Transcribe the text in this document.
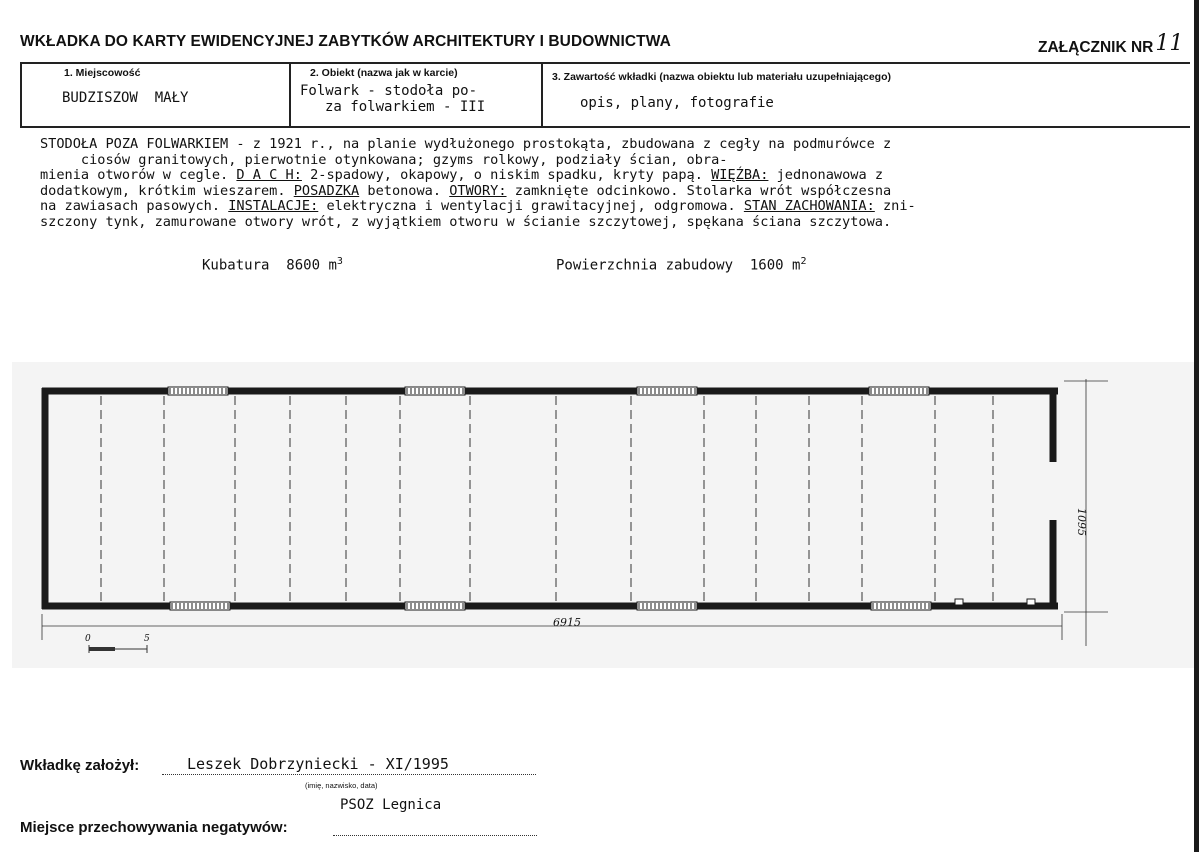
WKŁADKA DO KARTY EWIDENCYJNEJ ZABYTKÓW ARCHITEKTURY I BUDOWNICTWA	ZAŁĄCZNIK NR11
1. Miejscowość
BUDZISZOW  MAŁY
2. Obiekt (nazwa jak w karcie)
Folwark - stodoła po-
za folwarkiem - III
3. Zawartość wkładki (nazwa obiektu lub materiału uzupełniającego)
opis, plany, fotografie
STODOŁA POZA FOLWARKIEM - z 1921 r., na planie wydłużonego prostokąta, zbudowana z cegły na podmurówce z
ciosów granitowych, pierwotnie otynkowana; gzyms rolkowy, podziały ścian, obra-
mienia otworów w cegle. D A C H: 2-spadowy, okapowy, o niskim spadku, kryty papą. WIĘŹBA: jednonawowa z
dodatkowym, krótkim wieszarem. POSADZKA betonowa. OTWORY: zamknięte odcinkowo. Stolarka wrót współczesna
na zawiasach pasowych. INSTALACJE: elektryczna i wentylacji grawitacyjnej, odgromowa. STAN ZACHOWANIA: zni-
szczony tynk, zamurowane otwory wrót, z wyjątkiem otworu w ścianie szczytowej, spękana ściana szczytowa.
Kubatura 8600 $m^3$	Powierzchnia zabudowy 1600 $m^2$
6915
1095
0	5
Wkładkę założył:	Leszek Dobrzyniecki - XI/1995
(imię, nazwisko, data)
PSOZ Legnica
Miejsce przechowywania negatywów:
